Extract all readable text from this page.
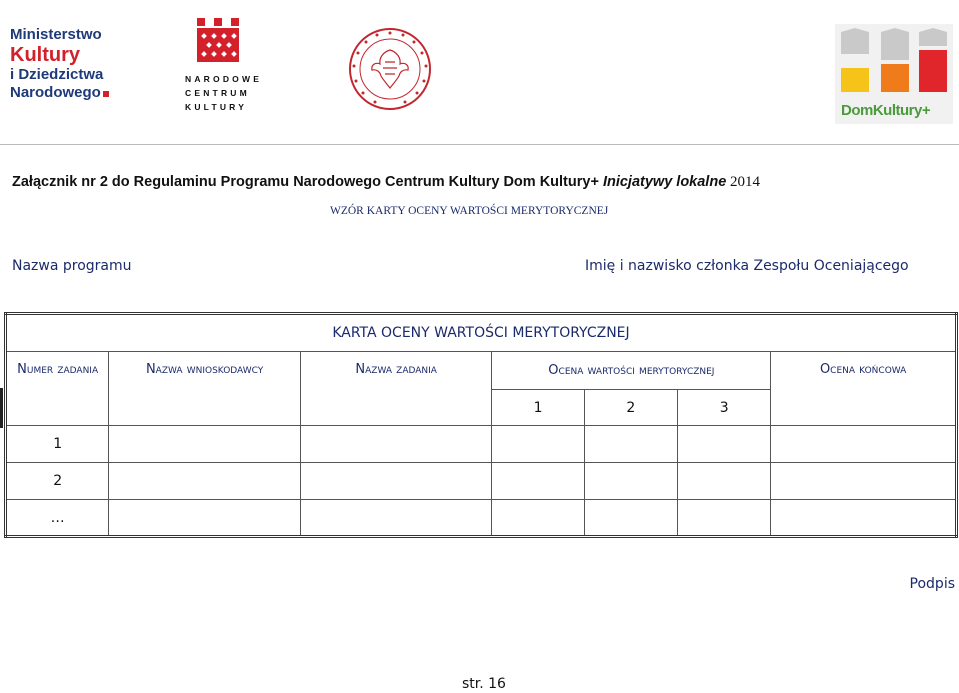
Ministerstwo
Kultury
i Dziedzictwa
Narodowego
NARODOWE
CENTRUM
KULTURY	DomKultury+
Załącznik nr 2 do Regulaminu Programu Narodowego Centrum Kultury Dom Kultury+ Inicjatywy lokalne 2014
WZÓR KARTY OCENY WARTOŚCI MERYTORYCZNEJ
Nazwa programu	Imię i nazwisko członka Zespołu Oceniającego
KARTA OCENY WARTOŚCI MERYTORYCZNEJ						
Numer zadania	Nazwa wnioskodawcy	Nazwa zadania	Ocena wartości merytorycznej			Ocena końcowa
			1	2	3	
1						
2						
…						
Podpis
str. 16
